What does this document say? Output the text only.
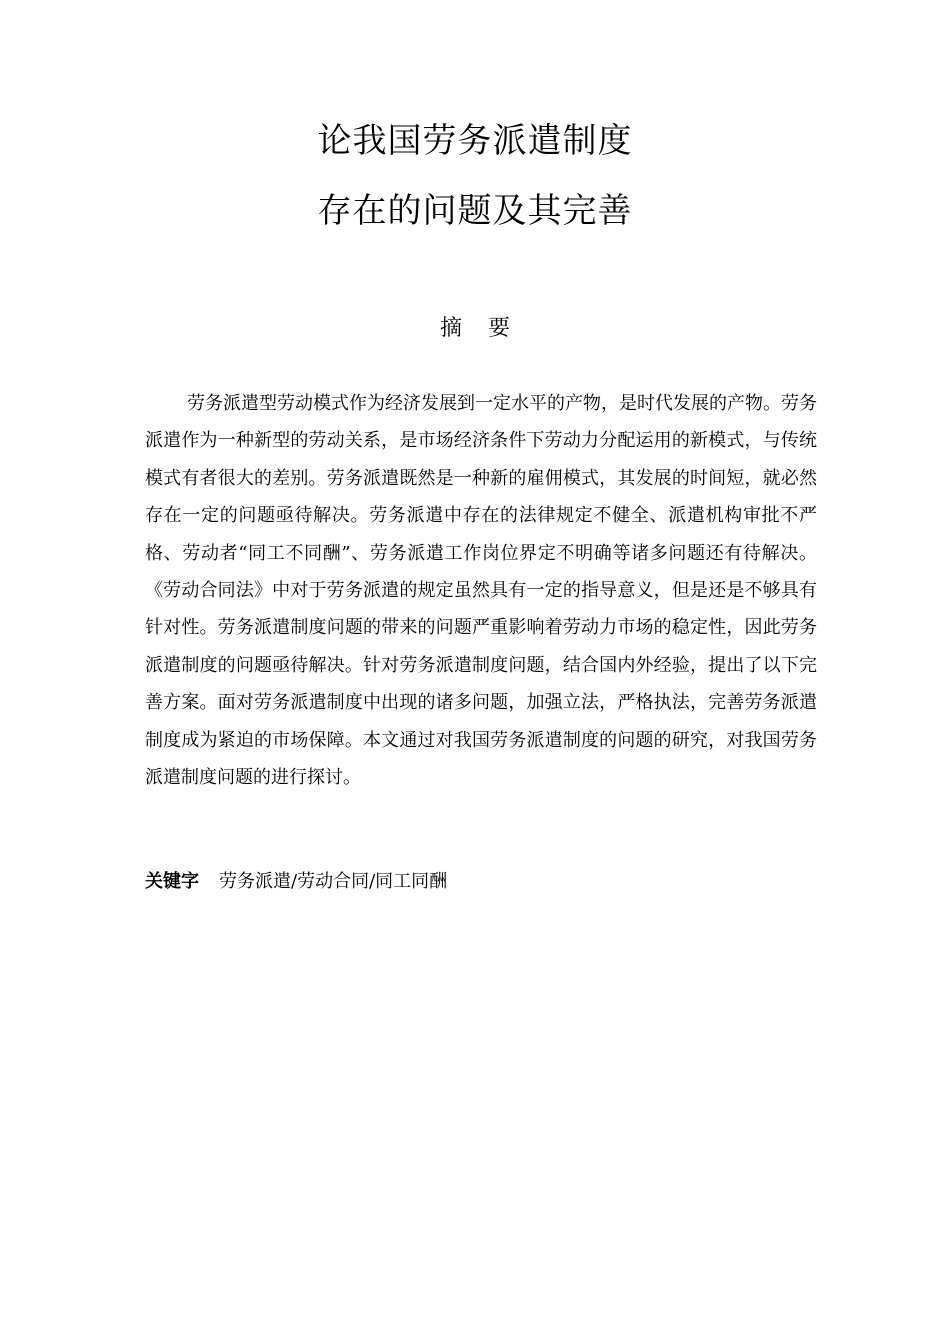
论我国劳务派遣制度
存在的问题及其完善
摘要

劳务派遣型劳动模式作为经济发展到一定水平的产物，是时代发展的产物。劳务派遣作为一种新型的劳动关系，是市场经济条件下劳动力分配运用的新模式，与传统模式有者很大的差别。劳务派遣既然是一种新的雇佣模式，其发展的时间短，就必然存在一定的问题亟待解决。劳务派遣中存在的法律规定不健全、派遣机构审批不严格、劳动者“同工不同酬”、劳务派遣工作岗位界定不明确等诸多问题还有待解决。《劳动合同法》中对于劳务派遣的规定虽然具有一定的指导意义，但是还是不够具有针对性。劳务派遣制度问题的带来的问题严重影响着劳动力市场的稳定性，因此劳务派遣制度的问题亟待解决。针对劳务派遣制度问题，结合国内外经验，提出了以下完善方案。面对劳务派遣制度中出现的诸多问题，加强立法，严格执法，完善劳务派遣制度成为紧迫的市场保障。本文通过对我国劳务派遣制度的问题的研究，对我国劳务派遣制度问题的进行探讨。

关键字 劳务派遣/劳动合同/同工同酬
